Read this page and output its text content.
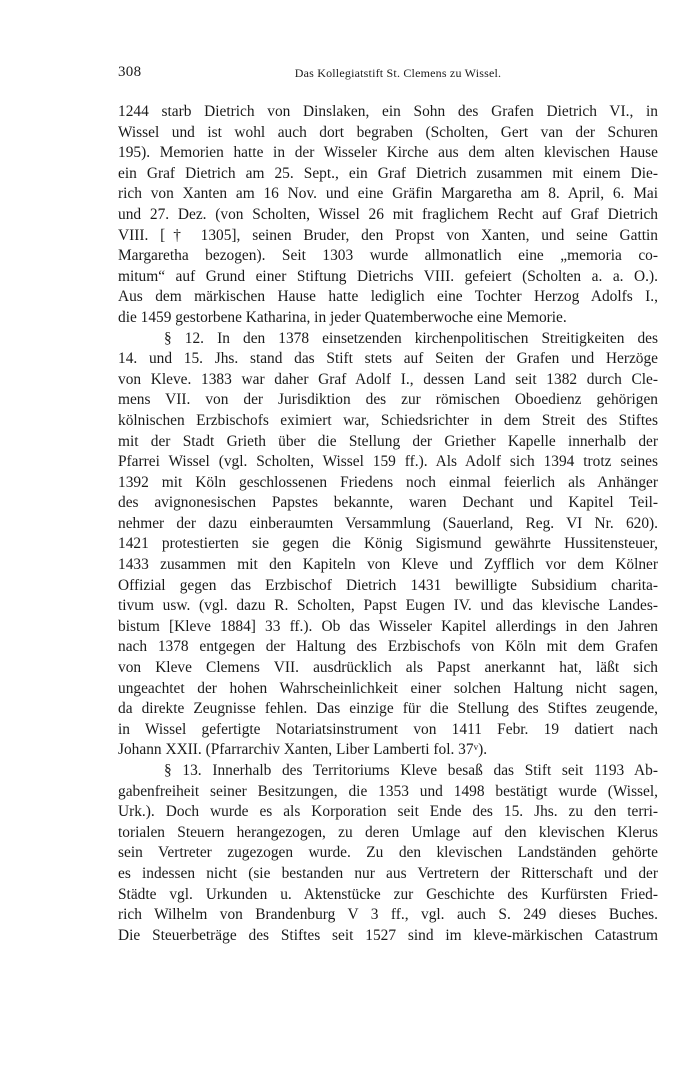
308	Das Kollegiatstift St. Clemens zu Wissel.
1244 starb Dietrich von Dinslaken, ein Sohn des Grafen Dietrich VI., in
Wissel und ist wohl auch dort begraben (Scholten, Gert van der Schuren
195). Memorien hatte in der Wisseler Kirche aus dem alten klevischen Hause
ein Graf Dietrich am 25. Sept., ein Graf Dietrich zusammen mit einem Die-
rich von Xanten am 16 Nov. und eine Gräfin Margaretha am 8. April, 6. Mai
und 27. Dez. (von Scholten, Wissel 26 mit fraglichem Recht auf Graf Dietrich
VIII. [† 1305], seinen Bruder, den Propst von Xanten, und seine Gattin
Margaretha bezogen). Seit 1303 wurde allmonatlich eine „memoria co-
mitum“ auf Grund einer Stiftung Dietrichs VIII. gefeiert (Scholten a. a. O.).
Aus dem märkischen Hause hatte lediglich eine Tochter Herzog Adolfs I.,
die 1459 gestorbene Katharina, in jeder Quatemberwoche eine Memorie.
§ 12. In den 1378 einsetzenden kirchenpolitischen Streitigkeiten des
14. und 15. Jhs. stand das Stift stets auf Seiten der Grafen und Herzöge
von Kleve. 1383 war daher Graf Adolf I., dessen Land seit 1382 durch Cle-
mens VII. von der Jurisdiktion des zur römischen Oboedienz gehörigen
kölnischen Erzbischofs eximiert war, Schiedsrichter in dem Streit des Stiftes
mit der Stadt Grieth über die Stellung der Griether Kapelle innerhalb der
Pfarrei Wissel (vgl. Scholten, Wissel 159 ff.). Als Adolf sich 1394 trotz seines
1392 mit Köln geschlossenen Friedens noch einmal feierlich als Anhänger
des avignonesischen Papstes bekannte, waren Dechant und Kapitel Teil-
nehmer der dazu einberaumten Versammlung (Sauerland, Reg. VI Nr. 620).
1421 protestierten sie gegen die König Sigismund gewährte Hussitensteuer,
1433 zusammen mit den Kapiteln von Kleve und Zyfflich vor dem Kölner
Offizial gegen das Erzbischof Dietrich 1431 bewilligte Subsidium charita-
tivum usw. (vgl. dazu R. Scholten, Papst Eugen IV. und das klevische Landes-
bistum [Kleve 1884] 33 ff.). Ob das Wisseler Kapitel allerdings in den Jahren
nach 1378 entgegen der Haltung des Erzbischofs von Köln mit dem Grafen
von Kleve Clemens VII. ausdrücklich als Papst anerkannt hat, läßt sich
ungeachtet der hohen Wahrscheinlichkeit einer solchen Haltung nicht sagen,
da direkte Zeugnisse fehlen. Das einzige für die Stellung des Stiftes zeugende,
in Wissel gefertigte Notariatsinstrument von 1411 Febr. 19 datiert nach
Johann XXII. (Pfarrarchiv Xanten, Liber Lamberti fol. 37ᵛ).
§ 13. Innerhalb des Territoriums Kleve besaß das Stift seit 1193 Ab-
gabenfreiheit seiner Besitzungen, die 1353 und 1498 bestätigt wurde (Wissel,
Urk.). Doch wurde es als Korporation seit Ende des 15. Jhs. zu den terri-
torialen Steuern herangezogen, zu deren Umlage auf den klevischen Klerus
sein Vertreter zugezogen wurde. Zu den klevischen Landständen gehörte
es indessen nicht (sie bestanden nur aus Vertretern der Ritterschaft und der
Städte vgl. Urkunden u. Aktenstücke zur Geschichte des Kurfürsten Fried-
rich Wilhelm von Brandenburg V 3 ff., vgl. auch S. 249 dieses Buches.
Die Steuerbeträge des Stiftes seit 1527 sind im kleve-märkischen Catastrum
